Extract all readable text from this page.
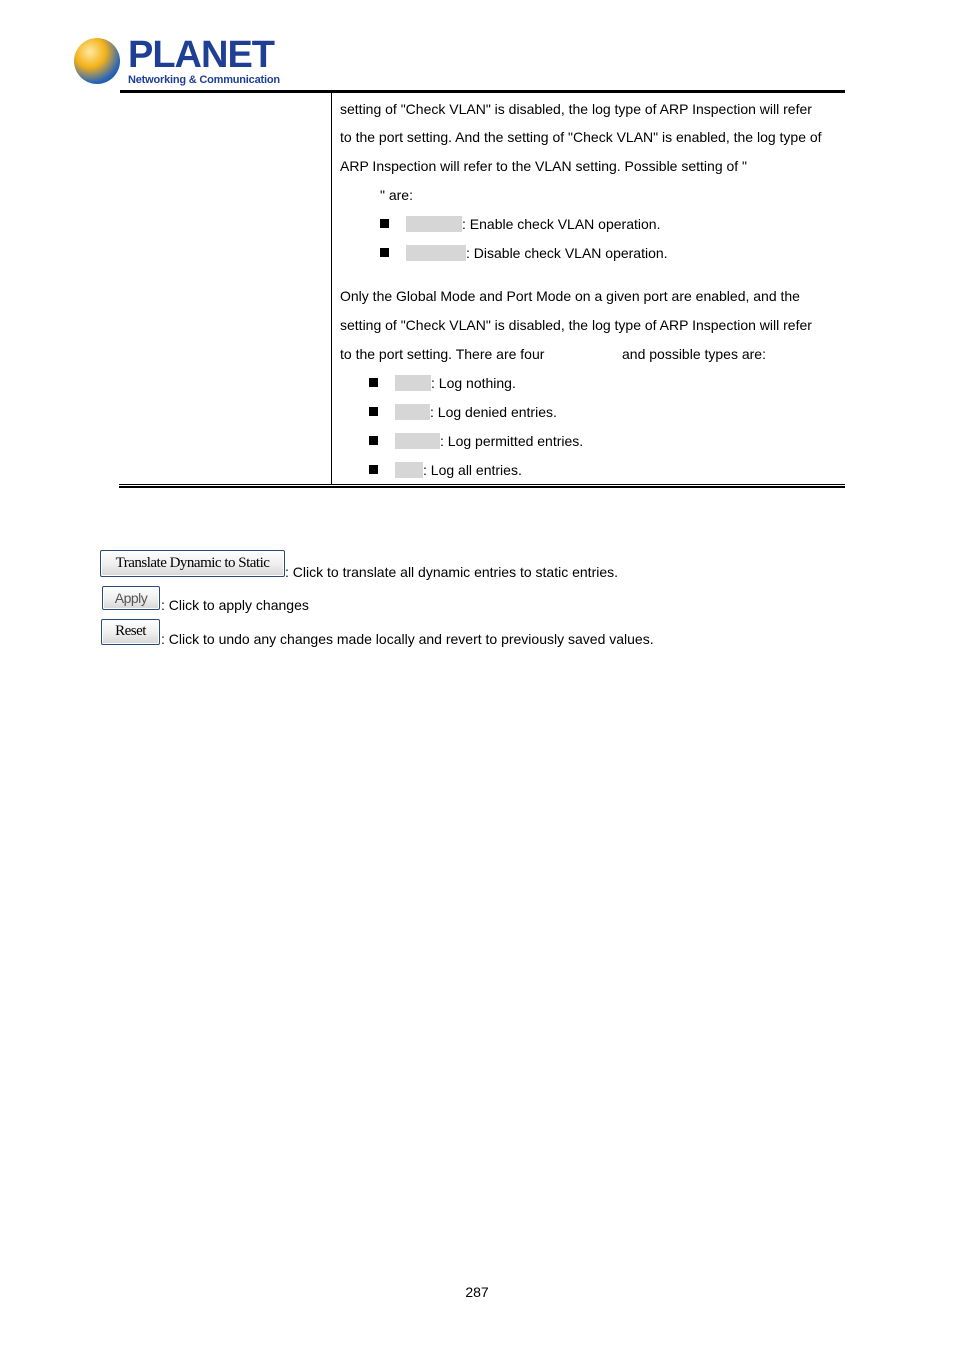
PLANET
Networking & Communication
setting of "Check VLAN" is disabled, the log type of ARP Inspection will refer
to the port setting. And the setting of "Check VLAN" is enabled, the log type of
ARP Inspection will refer to the VLAN setting. Possible setting of "
" are:
: Enable check VLAN operation.
: Disable check VLAN operation.
Only the Global Mode and Port Mode on a given port are enabled, and the
setting of "Check VLAN" is disabled, the log type of ARP Inspection will refer
to the port setting. There are four	and possible types are:
: Log nothing.
: Log denied entries.
: Log permitted entries.
: Log all entries.
Translate Dynamic to Static
: Click to translate all dynamic entries to static entries.
Apply : Click to apply changes
Reset	: Click to undo any changes made locally and revert to previously saved values.
287
